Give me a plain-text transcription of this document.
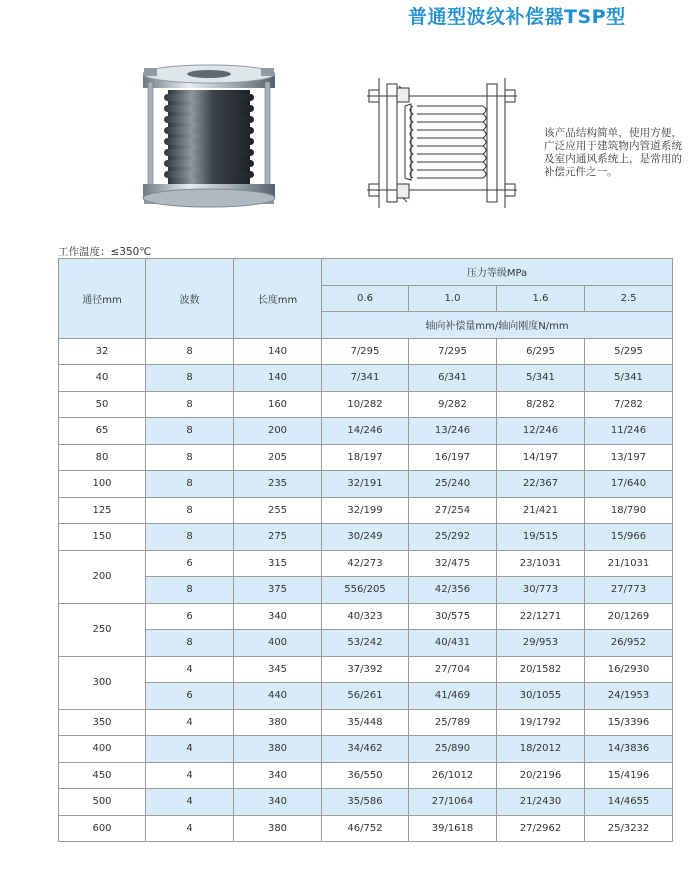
普通型波纹补偿器TSP型
该产品结构简单，使用方便，广泛应用于建筑物内管道系统及室内通风系统上，是常用的补偿元件之一。
工作温度：≤350℃
通径mm	波数	长度mm	压力等级MPa			
			0.6	1.0	1.6	2.5
			轴向补偿量mm/轴向刚度N/mm			
32	8	140	7/295	7/295	6/295	5/295
40	8	140	7/341	6/341	5/341	5/341
50	8	160	10/282	9/282	8/282	7/282
65	8	200	14/246	13/246	12/246	11/246
80	8	205	18/197	16/197	14/197	13/197
100	8	235	32/191	25/240	22/367	17/640
125	8	255	32/199	27/254	21/421	18/790
150	8	275	30/249	25/292	19/515	15/966
200	6	315	42/273	32/475	23/1031	21/1031
	8	375	556/205	42/356	30/773	27/773
250	6	340	40/323	30/575	22/1271	20/1269
	8	400	53/242	40/431	29/953	26/952
300	4	345	37/392	27/704	20/1582	16/2930
	6	440	56/261	41/469	30/1055	24/1953
350	4	380	35/448	25/789	19/1792	15/3396
400	4	380	34/462	25/890	18/2012	14/3836
450	4	340	36/550	26/1012	20/2196	15/4196
500	4	340	35/586	27/1064	21/2430	14/4655
600	4	380	46/752	39/1618	27/2962	25/3232
